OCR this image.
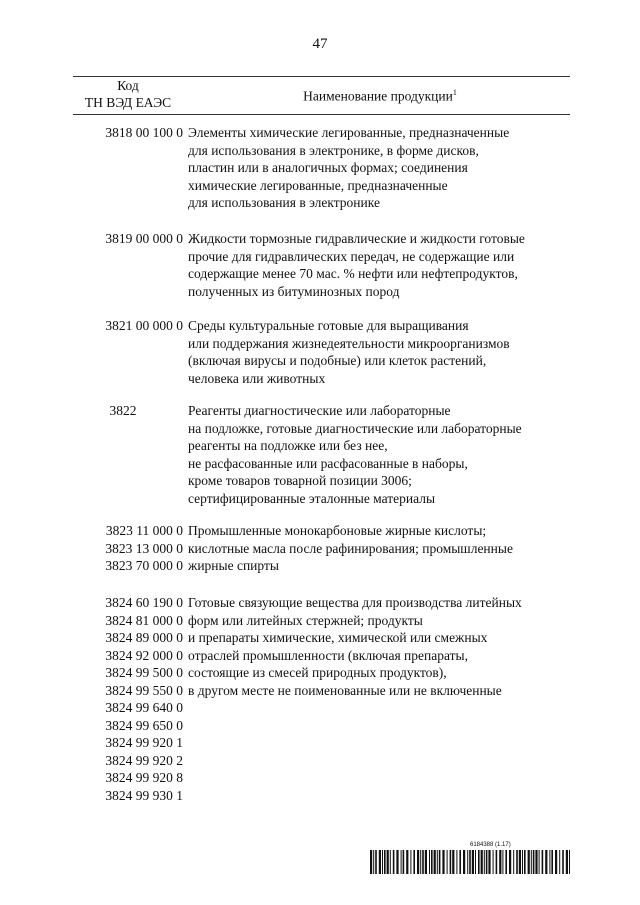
47
Код
ТН ВЭД ЕАЭС	Наименование продукции$^1$
3818 00 100 0 Элементы химические легированные, предназначенные
для использования в электронике, в форме дисков,
пластин или в аналогичных формах; соединения
химические легированные, предназначенные
для использования в электронике
3819 00 000 0 Жидкости тормозные гидравлические и жидкости готовые
прочие для гидравлических передач, не содержащие или
содержащие менее 70 мас. % нефти или нефтепродуктов,
полученных из битуминозных пород
3821 00 000 0 Среды культуральные готовые для выращивания
или поддержания жизнедеятельности микроорганизмов
(включая вирусы и подобные) или клеток растений,
человека или животных
3822	Реагенты диагностические или лабораторные
на подложке, готовые диагностические или лабораторные
реагенты на подложке или без нее,
не расфасованные или расфасованные в наборы,
кроме товаров товарной позиции 3006;
сертифицированные эталонные материалы
3823 11 000 0
3823 13 000 0
3823 70 000 0
Промышленные монокарбоновые жирные кислоты;
кислотные масла после рафинирования; промышленные
жирные спирты
3824 60 190 0
3824 81 000 0
3824 89 000 0
3824 92 000 0
3824 99 500 0
3824 99 550 0
3824 99 640 0
3824 99 650 0
3824 99 920 1
3824 99 920 2
3824 99 920 8
3824 99 930 1
Готовые связующие вещества для производства литейных
форм или литейных стержней; продукты
и препараты химические, химической или смежных
отраслей промышленности (включая препараты,
состоящие из смесей природных продуктов),
в другом месте не поименованные или не включенные
6184388 (1.17)
